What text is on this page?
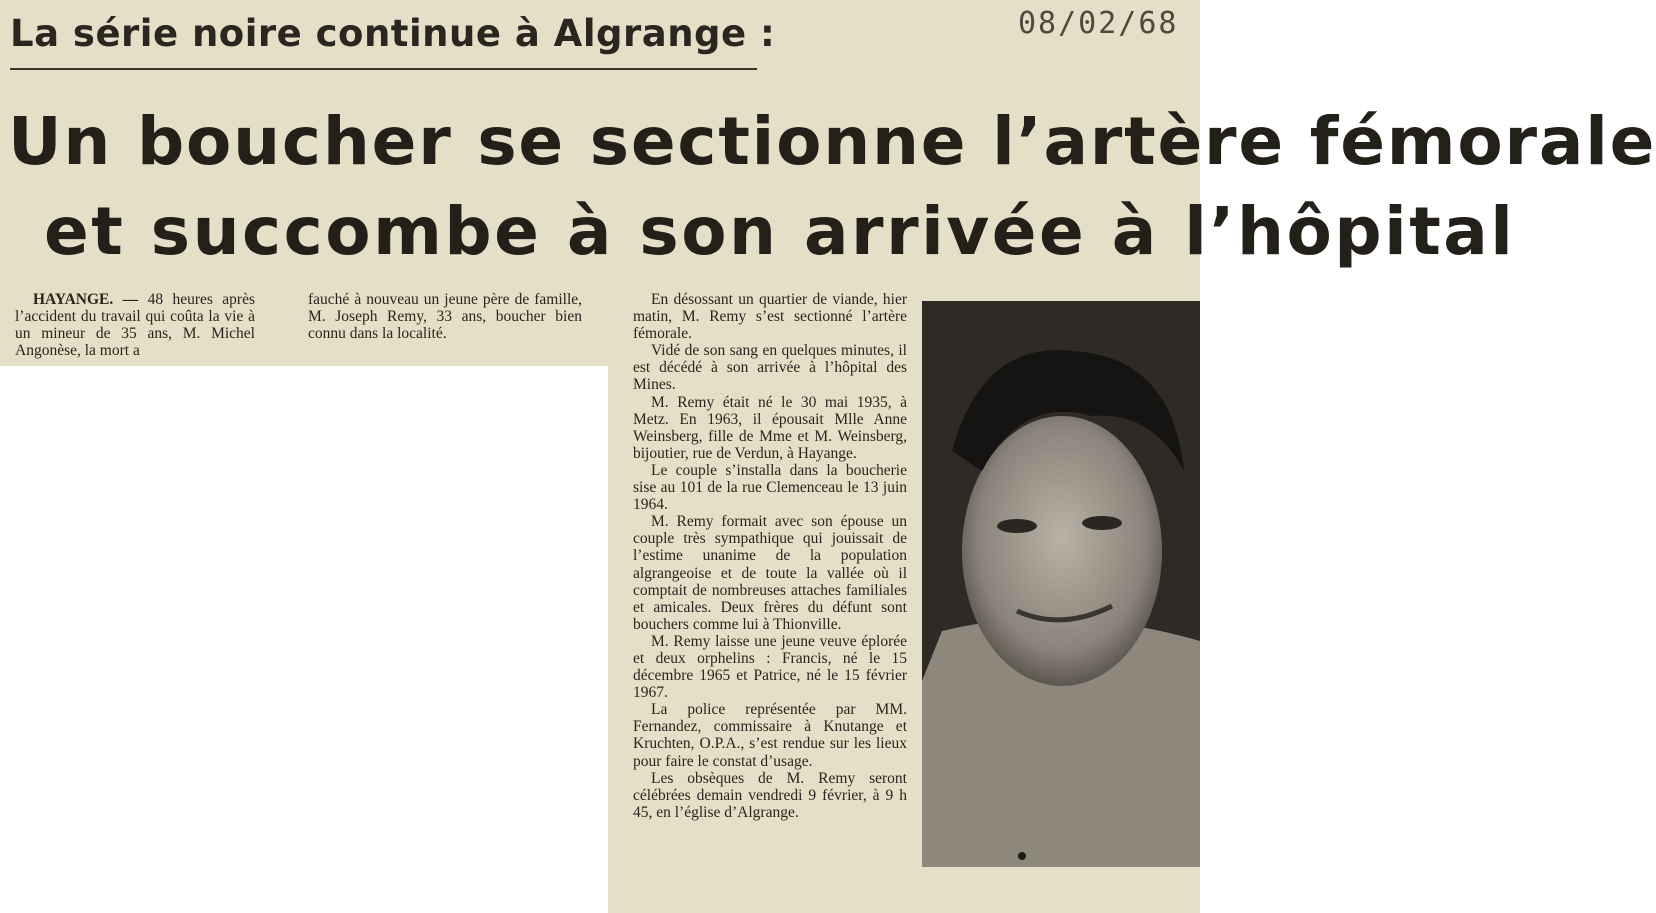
La série noire continue à Algrange :	08/02/68
Un boucher se sectionne l’artère fémorale
et succombe à son arrivée à l’hôpital

HAYANGE. — 48 heures après l’accident du travail qui coûta la vie à un mineur de 35 ans, M. Michel Angonèse, la mort a

fauché à nouveau un jeune père de famille, M. Joseph Remy, 33 ans, boucher bien connu dans la localité.

En désossant un quartier de viande, hier matin, M. Remy s’est sectionné l’artère fémorale.

Vidé de son sang en quelques minutes, il est décédé à son arrivée à l’hôpital des Mines.

M. Remy était né le 30 mai 1935, à Metz. En 1963, il épousait Mlle Anne Weinsberg, fille de Mme et M. Weinsberg, bijoutier, rue de Verdun, à Hayange.

Le couple s’installa dans la boucherie sise au 101 de la rue Clemenceau le 13 juin 1964.

M. Remy formait avec son épouse un couple très sympathique qui jouissait de l’estime unanime de la population algrangeoise et de toute la vallée où il comptait de nombreuses attaches familiales et amicales. Deux frères du défunt sont bouchers comme lui à Thionville.

M. Remy laisse une jeune veuve éplorée et deux orphelins : Francis, né le 15 décembre 1965 et Patrice, né le 15 février 1967.

La police représentée par MM. Fernandez, commissaire à Knutange et Kruchten, O.P.A., s’est rendue sur les lieux pour faire le constat d’usage.

Les obsèques de M. Remy seront célébrées demain vendredi 9 février, à 9 h 45, en l’église d’Algrange.
